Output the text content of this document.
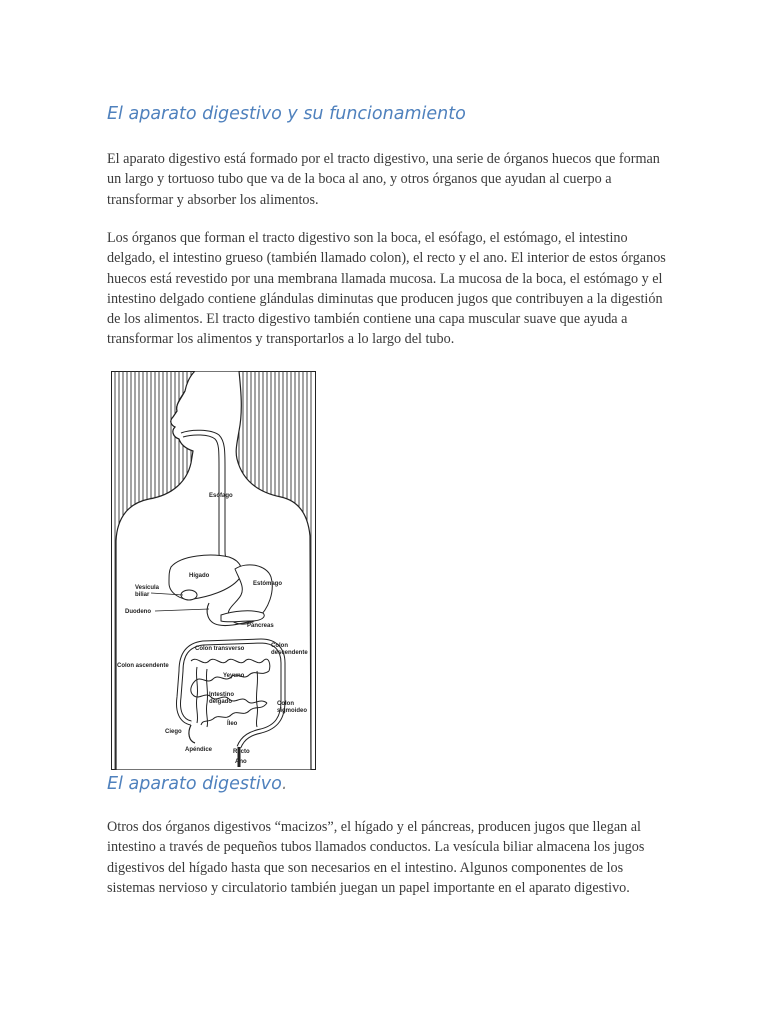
El aparato digestivo y su funcionamiento

El aparato digestivo está formado por el tracto digestivo, una serie de órganos huecos que forman un largo y tortuoso tubo que va de la boca al ano, y otros órganos que ayudan al cuerpo a transformar y absorber los alimentos.

Los órganos que forman el tracto digestivo son la boca, el esófago, el estómago, el intestino delgado, el intestino grueso (también llamado colon), el recto y el ano. El interior de estos órganos huecos está revestido por una membrana llamada mucosa. La mucosa de la boca, el estómago y el intestino delgado contiene glándulas diminutas que producen jugos que contribuyen a la digestión de los alimentos. El tracto digestivo también contiene una capa muscular suave que ayuda a transformar los alimentos y transportarlos a lo largo del tubo.

Esófago
Hígado
Estómago
Vesícula
biliar
Duodeno
Páncreas
Colon transverso	Colon
descendente
Colon ascendente
Yeyuno
Intestino
delgado	Colon
sigmoideo
Íleo
Ciego
Apéndice	Recto
Ano
El aparato digestivo.

Otros dos órganos digestivos “macizos”, el hígado y el páncreas, producen jugos que llegan al intestino a través de pequeños tubos llamados conductos. La vesícula biliar almacena los jugos digestivos del hígado hasta que son necesarios en el intestino. Algunos componentes de los sistemas nervioso y circulatorio también juegan un papel importante en el aparato digestivo.
